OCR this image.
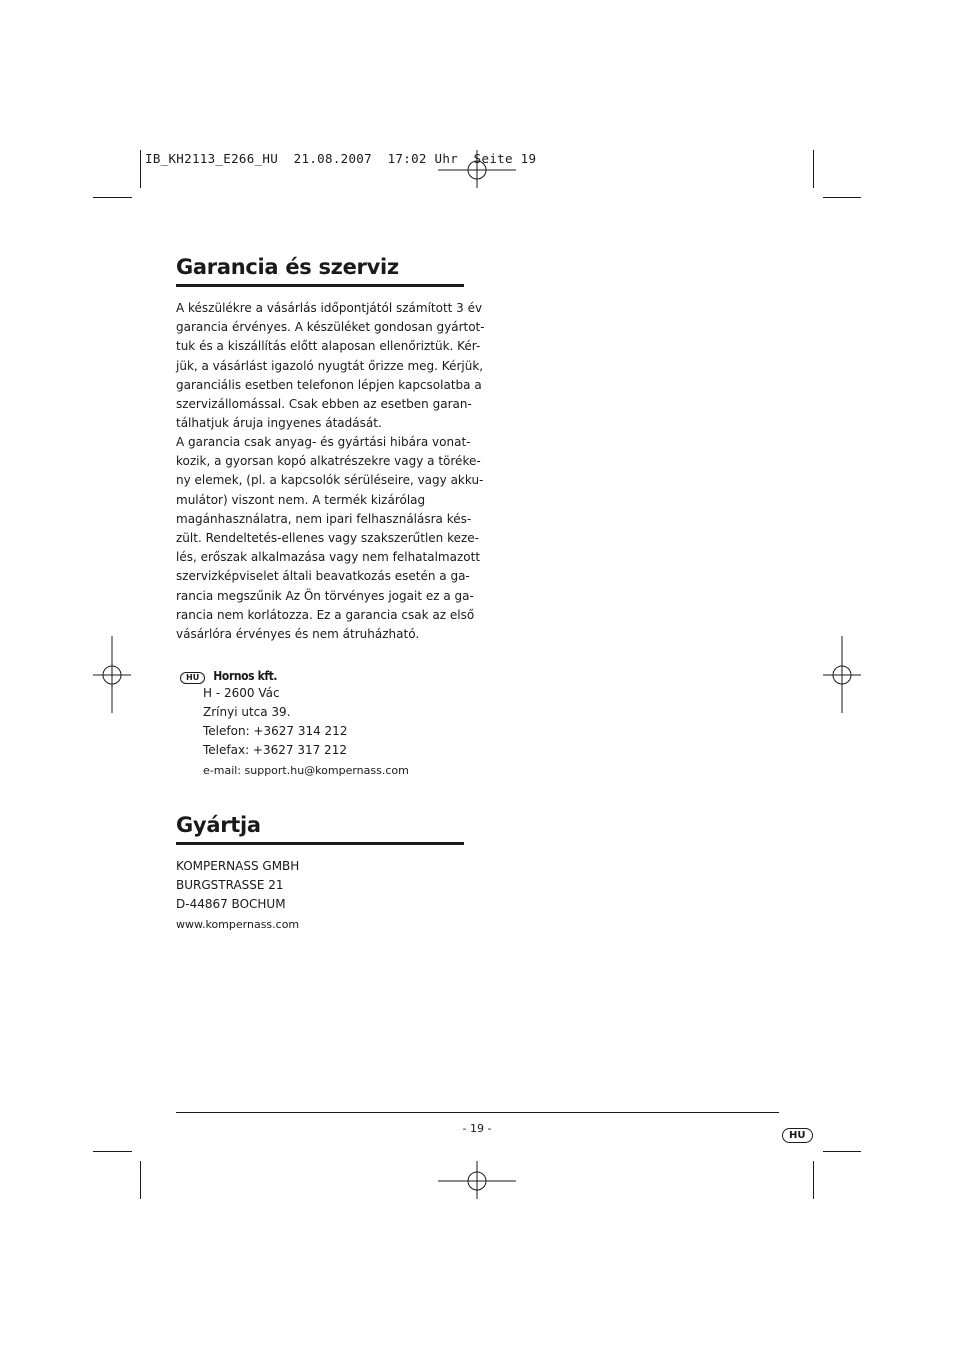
IB_KH2113_E266_HU  21.08.2007  17:02 Uhr  Seite 19
Garancia és szerviz

A készülékre a vásárlás időpontjától számított 3 év
garancia érvényes. A készüléket gondosan gyártot-
tuk és a kiszállítás előtt alaposan ellenőriztük. Kér-
jük, a vásárlást igazoló nyugtát őrizze meg. Kérjük,
garanciális esetben telefonon lépjen kapcsolatba a
szervizállomással. Csak ebben az esetben garan-
tálhatjuk áruja ingyenes átadását.

A garancia csak anyag- és gyártási hibára vonat-
kozik, a gyorsan kopó alkatrészekre vagy a töréke-
ny elemek, (pl. a kapcsolók sérüléseire, vagy akku-
mulátor) viszont nem. A termék kizárólag
magánhasználatra, nem ipari felhasználásra kés-
zült. Rendeltetés-ellenes vagy szakszerűtlen keze-
lés, erőszak alkalmazása vagy nem felhatalmazott
szervizképviselet általi beavatkozás esetén a ga-
rancia megszűnik Az Ön törvényes jogait ez a ga-
rancia nem korlátozza. Ez a garancia csak az első
vásárlóra érvényes és nem átruházható.

HU Hornos kft.
H - 2600 Vác
Zrínyi utca 39.
Telefon: +3627 314 212
Telefax: +3627 317 212
e-mail: support.hu@kompernass.com
Gyártja
KOMPERNASS GMBH
BURGSTRASSE 21
D-44867 BOCHUM
www.kompernass.com
- 19 -
HU
